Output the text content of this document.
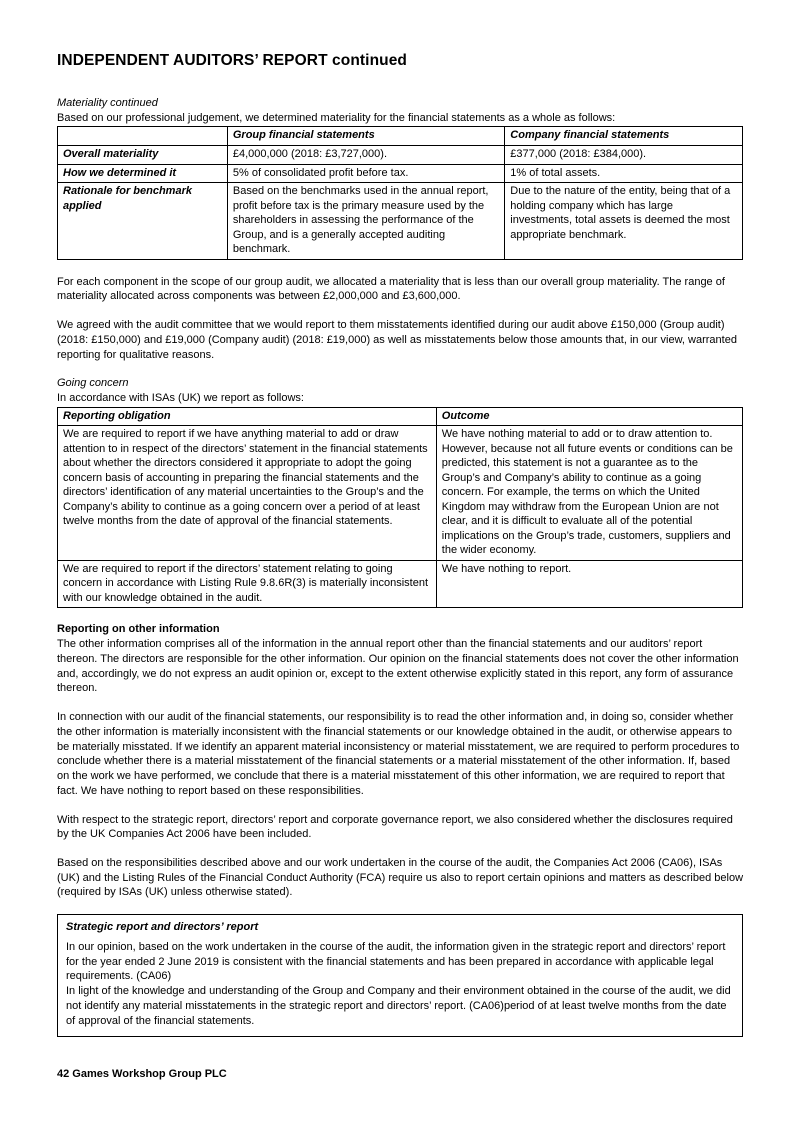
INDEPENDENT AUDITORS’ REPORT continued

Materiality continued

Based on our professional judgement, we determined materiality for the financial statements as a whole as follows:

	Group financial statements	Company financial statements
Overall materiality	£4,000,000 (2018: £3,727,000).	£377,000 (2018: £384,000).
How we determined it	5% of consolidated profit before tax.	1% of total assets.
Rationale for benchmark applied	Based on the benchmarks used in the annual report, profit before tax is the primary measure used by the shareholders in assessing the performance of the Group, and is a generally accepted auditing benchmark.	Due to the nature of the entity, being that of a holding company which has large investments, total assets is deemed the most appropriate benchmark.

For each component in the scope of our group audit, we allocated a materiality that is less than our overall group materiality. The range of materiality allocated across components was between £2,000,000 and £3,600,000.

We agreed with the audit committee that we would report to them misstatements identified during our audit above £150,000 (Group audit) (2018: £150,000) and £19,000 (Company audit) (2018: £19,000) as well as misstatements below those amounts that, in our view, warranted reporting for qualitative reasons.

Going concern

In accordance with ISAs (UK) we report as follows:

Reporting obligation	Outcome
We are required to report if we have anything material to add or draw attention to in respect of the directors’ statement in the financial statements about whether the directors considered it appropriate to adopt the going concern basis of accounting in preparing the financial statements and the directors’ identification of any material uncertainties to the Group’s and the Company’s ability to continue as a going concern over a period of at least twelve months from the date of approval of the financial statements.	We have nothing material to add or to draw attention to. However, because not all future events or conditions can be predicted, this statement is not a guarantee as to the Group’s and Company’s ability to continue as a going concern. For example, the terms on which the United Kingdom may withdraw from the European Union are not clear, and it is difficult to evaluate all of the potential implications on the Group’s trade, customers, suppliers and the wider economy.
We are required to report if the directors’ statement relating to going concern in accordance with Listing Rule 9.8.6R(3) is materially inconsistent with our knowledge obtained in the audit.	We have nothing to report.

Reporting on other information

The other information comprises all of the information in the annual report other than the financial statements and our auditors’ report thereon. The directors are responsible for the other information. Our opinion on the financial statements does not cover the other information and, accordingly, we do not express an audit opinion or, except to the extent otherwise explicitly stated in this report, any form of assurance thereon.

In connection with our audit of the financial statements, our responsibility is to read the other information and, in doing so, consider whether the other information is materially inconsistent with the financial statements or our knowledge obtained in the audit, or otherwise appears to be materially misstated. If we identify an apparent material inconsistency or material misstatement, we are required to perform procedures to conclude whether there is a material misstatement of the financial statements or a material misstatement of the other information. If, based on the work we have performed, we conclude that there is a material misstatement of this other information, we are required to report that fact. We have nothing to report based on these responsibilities.

With respect to the strategic report, directors’ report and corporate governance report, we also considered whether the disclosures required by the UK Companies Act 2006 have been included.

Based on the responsibilities described above and our work undertaken in the course of the audit, the Companies Act 2006 (CA06), ISAs (UK) and the Listing Rules of the Financial Conduct Authority (FCA) require us also to report certain opinions and matters as described below (required by ISAs (UK) unless otherwise stated).

Strategic report and directors’ report

In our opinion, based on the work undertaken in the course of the audit, the information given in the strategic report and directors’ report for the year ended 2 June 2019 is consistent with the financial statements and has been prepared in accordance with applicable legal requirements. (CA06)

In light of the knowledge and understanding of the Group and Company and their environment obtained in the course of the audit, we did not identify any material misstatements in the strategic report and directors’ report. (CA06)period of at least twelve months from the date of approval of the financial statements.

42 Games Workshop Group PLC
